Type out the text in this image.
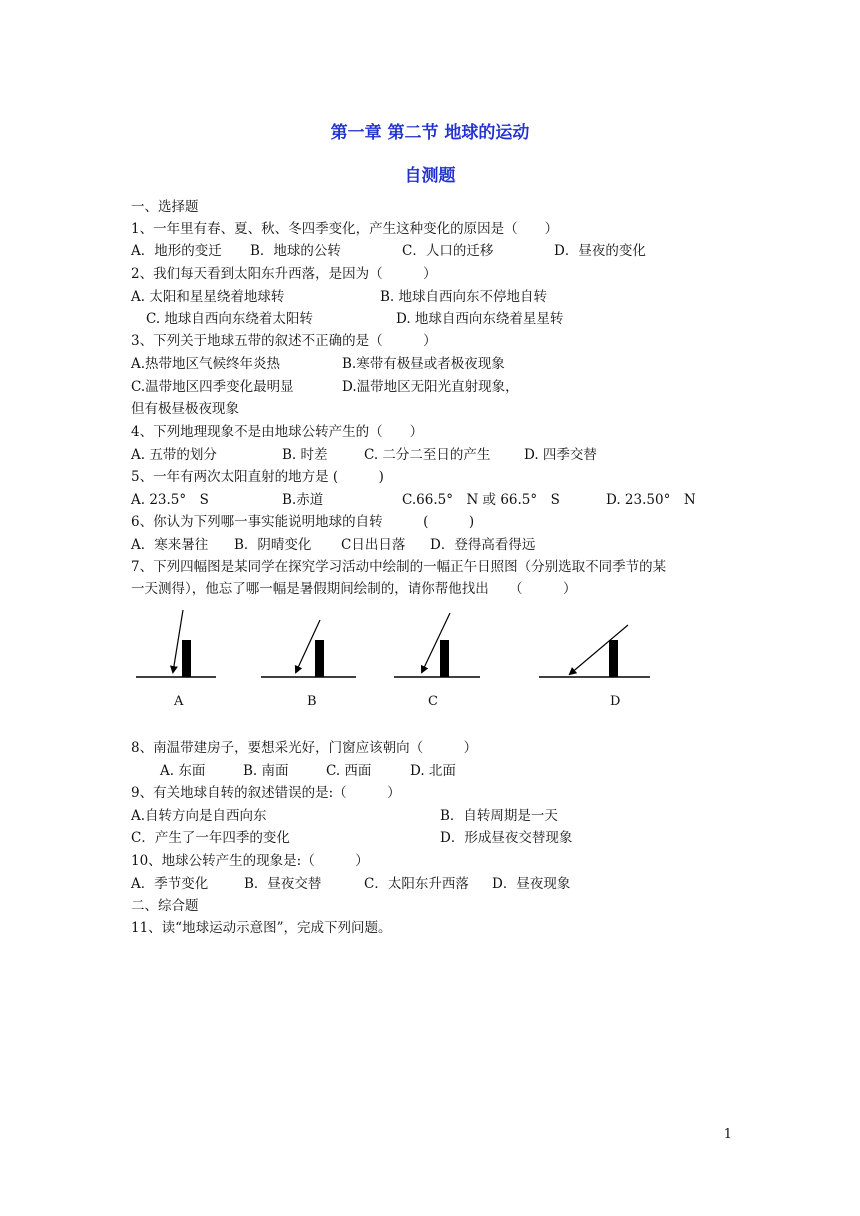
第一章 第二节 地球的运动
自测题
一、选择题
1、一年里有春、夏、秋、冬四季变化，产生这种变化的原因是（　　）
A．地形的变迁 B．地球的公转	C．人口的迁移	D．昼夜的变化
2、我们每天看到太阳东升西落，是因为（　　　）
A. 太阳和星星绕着地球转	B. 地球自西向东不停地自转
C. 地球自西向东绕着太阳转	D. 地球自西向东绕着星星转
3、下列关于地球五带的叙述不正确的是（　　　）
A.热带地区气候终年炎热	B.寒带有极昼或者极夜现象
C.温带地区四季变化最明显	D.温带地区无阳光直射现象，
但有极昼极夜现象
4、下列地理现象不是由地球公转产生的（　　）
A. 五带的划分	B. 时差	C. 二分二至日的产生 D. 四季交替
5、一年有两次太阳直射的地方是 (　　　)
A. 23.5°　S	B.赤道	C.66.5°　N 或 66.5°　S	D. 23.50°　N
6、你认为下列哪一事实能说明地球的自转　　　(　　　)
A．寒来暑往 B．阴晴变化 C日出日落 D．登得高看得远
7、下列四幅图是某同学在探究学习活动中绘制的一幅正午日照图（分别选取不同季节的某
一天测得），他忘了哪一幅是暑假期间绘制的，请你帮他找出　　（　　　）
A	B	C	D
8、南温带建房子，要想采光好，门窗应该朝向（　　　）
A. 东面	B. 南面	C. 西面	D. 北面
9、有关地球自转的叙述错误的是:（　　　）
A.自转方向是自西向东	B．自转周期是一天
C．产生了一年四季的变化	D．形成昼夜交替现象
10、地球公转产生的现象是:（　　　）
A．季节变化	B．昼夜交替	C．太阳东升西落 D．昼夜现象
二、综合题
11、读“地球运动示意图”，完成下列问题。
1
